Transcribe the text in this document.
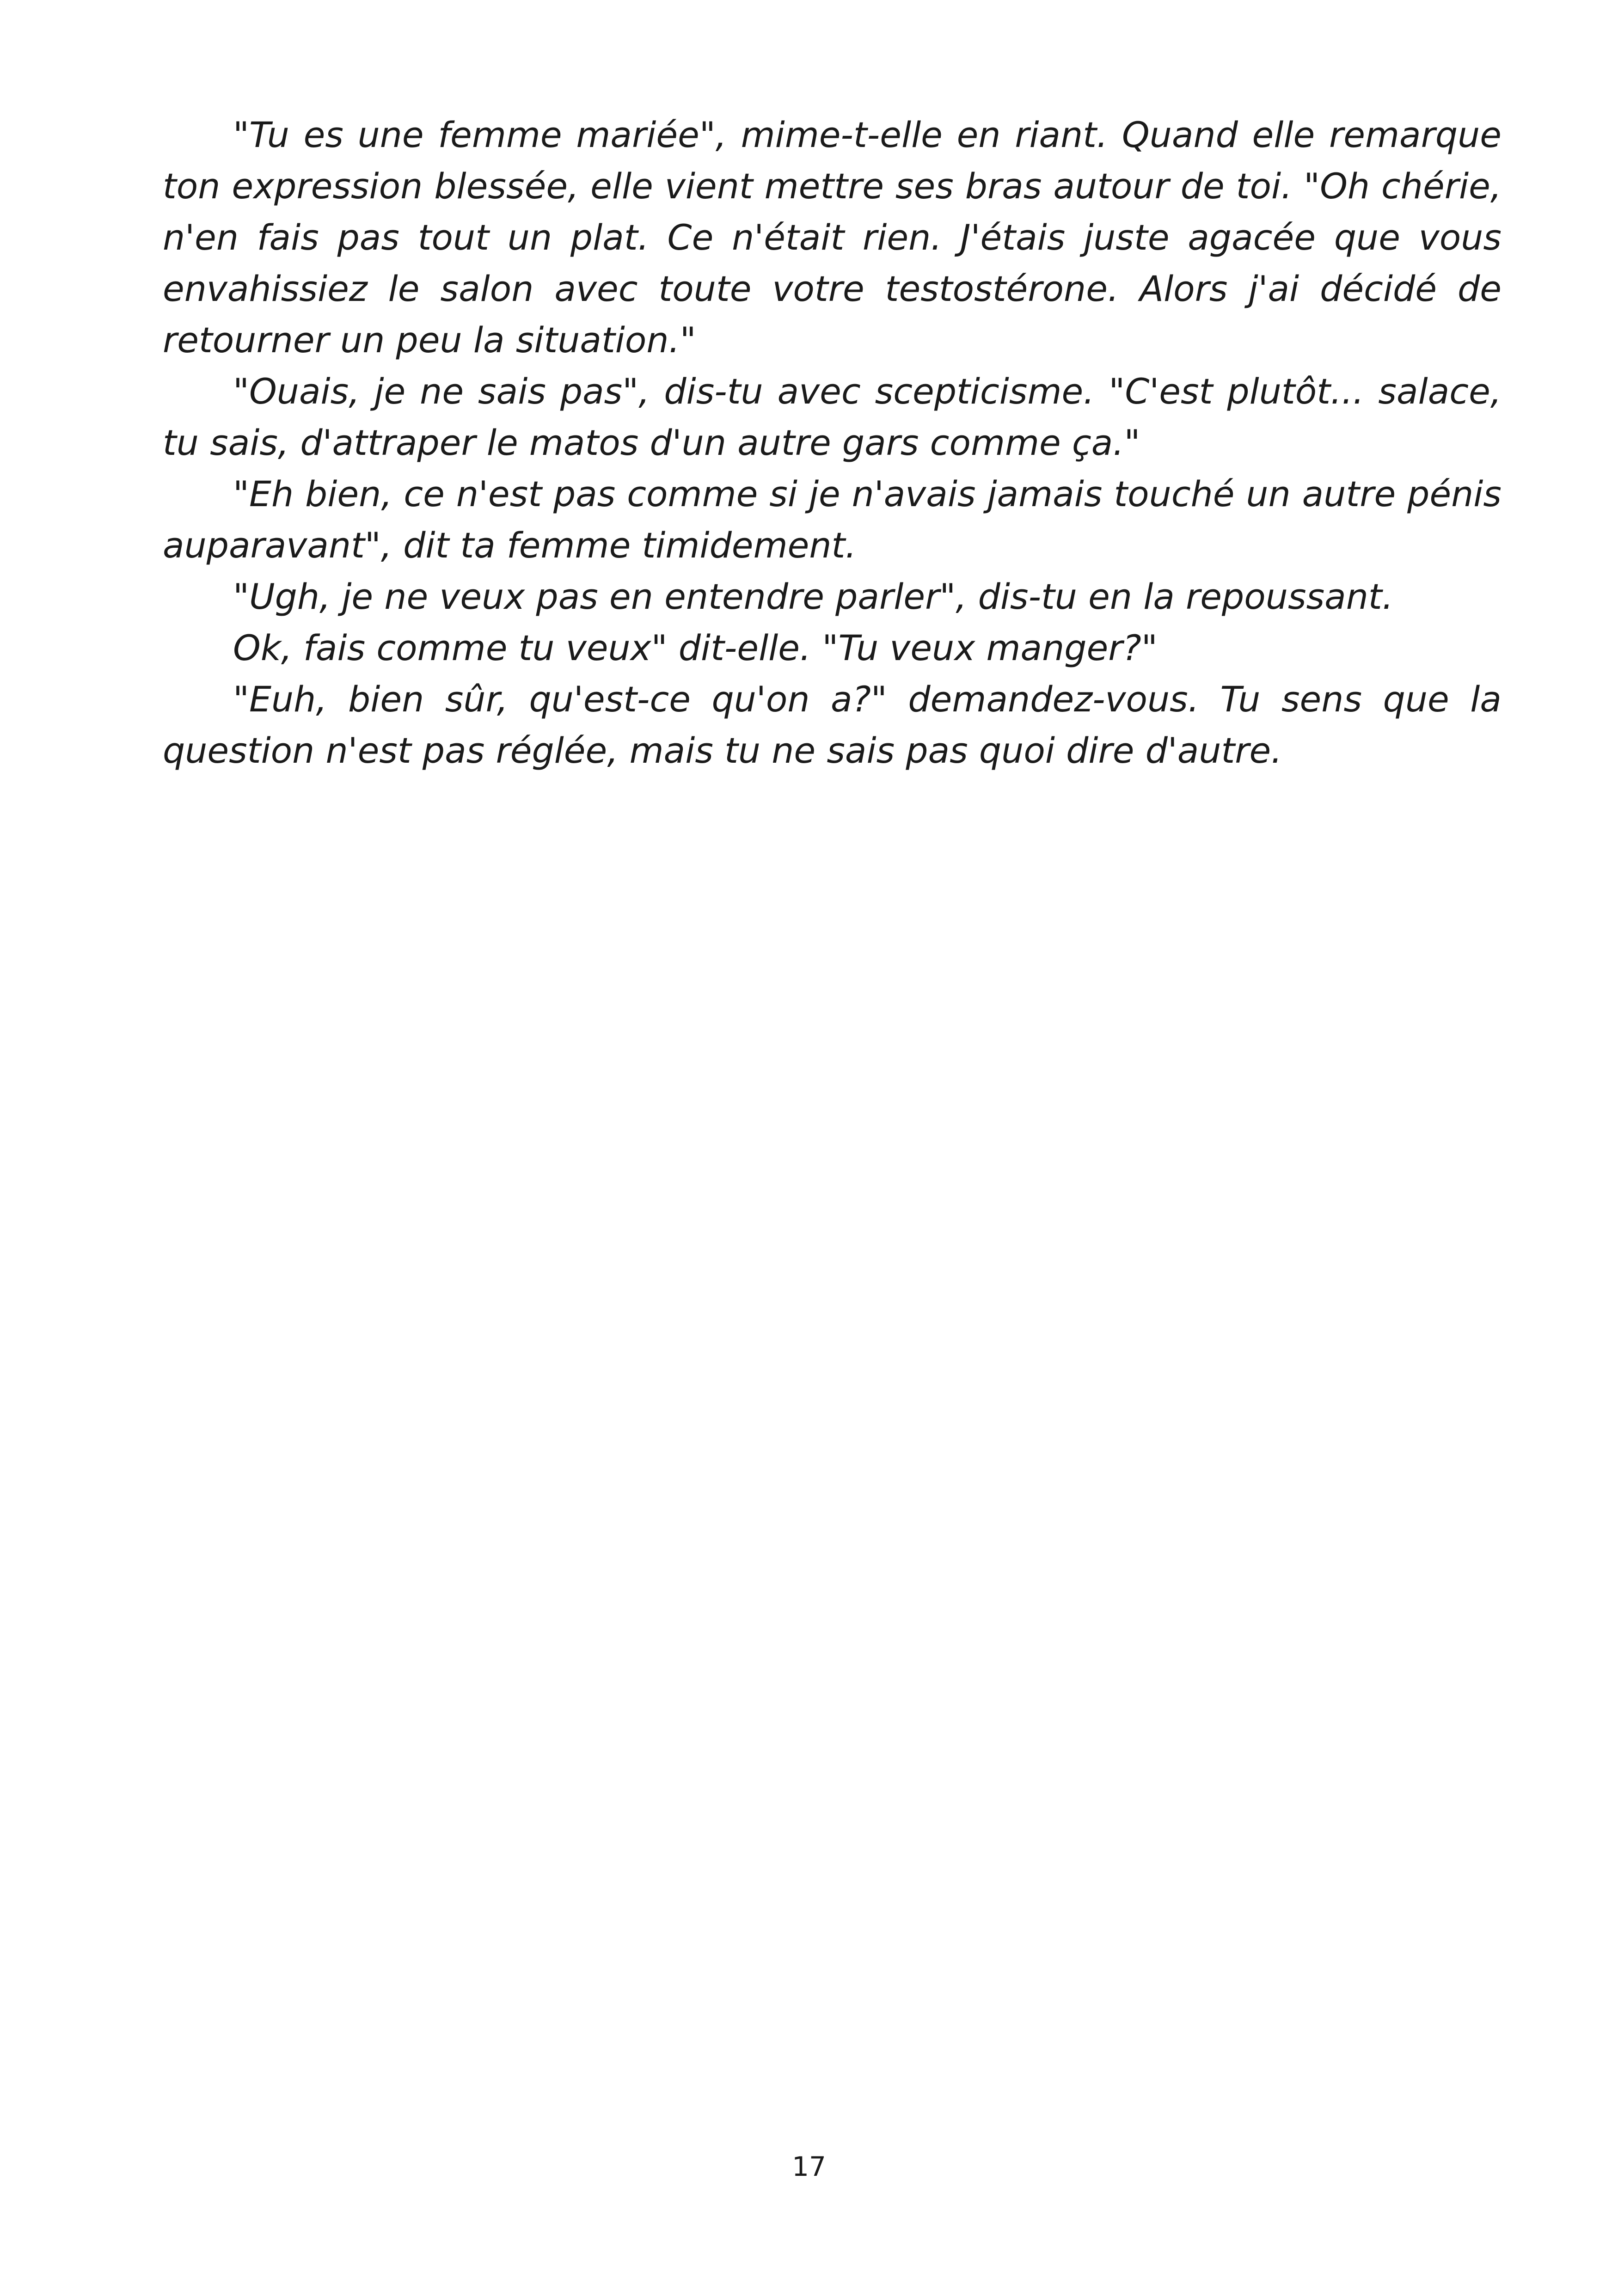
"Tu es une femme mariée", mime-t-elle en riant. Quand elle remarque ton expression blessée, elle vient mettre ses bras autour de toi. "Oh chérie, n'en fais pas tout un plat. Ce n'était rien. J'étais juste agacée que vous envahissiez le salon avec toute votre testostérone. Alors j'ai décidé de retourner un peu la situation."

"Ouais, je ne sais pas", dis-tu avec scepticisme. "C'est plutôt... salace, tu sais, d'attraper le matos d'un autre gars comme ça."

"Eh bien, ce n'est pas comme si je n'avais jamais touché un autre pénis auparavant", dit ta femme timidement.

"Ugh, je ne veux pas en entendre parler", dis-tu en la repoussant.

Ok, fais comme tu veux" dit-elle. "Tu veux manger?"

"Euh, bien sûr, qu'est-ce qu'on a?" demandez-vous. Tu sens que la question n'est pas réglée, mais tu ne sais pas quoi dire d'autre.

17
